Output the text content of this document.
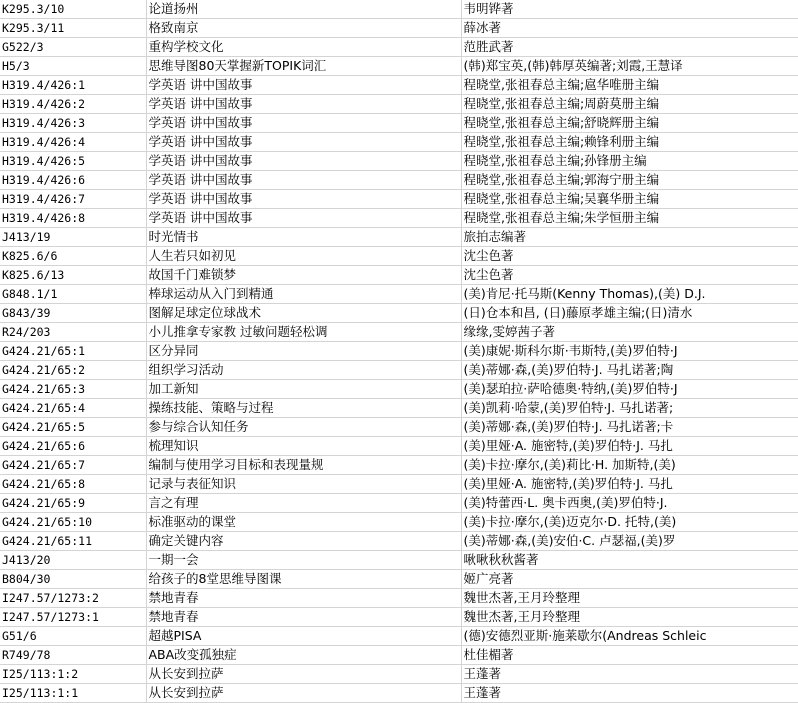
K295.3/10	论道扬州	韦明铧著
K295.3/11	格致南京	薛冰著
G522/3	重构学校文化	范胜武著
H5/3	思维导图80天掌握新TOPIK词汇	(韩)郑宝英,(韩)韩厚英编著;刘霞,王慧译
H319.4/426:1	学英语 讲中国故事	程晓堂,张祖春总主编;扈华唯册主编
H319.4/426:2	学英语 讲中国故事	程晓堂,张祖春总主编;周蔚莫册主编
H319.4/426:3	学英语 讲中国故事	程晓堂,张祖春总主编;舒晓辉册主编
H319.4/426:4	学英语 讲中国故事	程晓堂,张祖春总主编;赖锋利册主编
H319.4/426:5	学英语 讲中国故事	程晓堂,张祖春总主编;孙锋册主编
H319.4/426:6	学英语 讲中国故事	程晓堂,张祖春总主编;郭海宁册主编
H319.4/426:7	学英语 讲中国故事	程晓堂,张祖春总主编;吴襄华册主编
H319.4/426:8	学英语 讲中国故事	程晓堂,张祖春总主编;朱学恒册主编
J413/19	时光情书	旅拍志编著
K825.6/6	人生若只如初见	沈尘色著
K825.6/13	故国千门难锁梦	沈尘色著
G848.1/1	棒球运动从入门到精通	(美)肯尼·托马斯(Kenny Thomas),(美) D.J.
G843/39	图解足球定位球战术	(日)仓本和昌, (日)藤原孝雄主编;(日)清水
R24/203	小儿推拿专家教 过敏问题轻松调	缘缘,雯婷茜子著
G424.21/65:1	区分异同	(美)康妮·斯科尔斯·韦斯特,(美)罗伯特·J
G424.21/65:2	组织学习活动	(美)蒂娜·森,(美)罗伯特·J. 马扎诺著;陶
G424.21/65:3	加工新知	(美)瑟珀拉·萨哈德奥·特纳,(美)罗伯特·J
G424.21/65:4	操练技能、策略与过程	(美)凯莉·哈蒙,(美)罗伯特·J. 马扎诺著;
G424.21/65:5	参与综合认知任务	(美)蒂娜·森,(美)罗伯特·J. 马扎诺著;卡
G424.21/65:6	梳理知识	(美)里娅·A. 施密特,(美)罗伯特·J. 马扎
G424.21/65:7	编制与使用学习目标和表现量规	(美)卡拉·摩尔,(美)莉比·H. 加斯特,(美)
G424.21/65:8	记录与表征知识	(美)里娅·A. 施密特,(美)罗伯特·J. 马扎
G424.21/65:9	言之有理	(美)特蕾西·L. 奥卡西奥,(美)罗伯特·J.
G424.21/65:10	标准驱动的课堂	(美)卡拉·摩尔,(美)迈克尔·D. 托特,(美)
G424.21/65:11	确定关键内容	(美)蒂娜·森,(美)安伯·C. 卢瑟福,(美)罗
J413/20	一期一会	啾啾秋秋酱著
B804/30	给孩子的8堂思维导图课	姬广亮著
I247.57/1273:2	禁地青春	魏世杰著,王月玲整理
I247.57/1273:1	禁地青春	魏世杰著,王月玲整理
G51/6	超越PISA	(德)安德烈亚斯·施莱歇尔(Andreas Schleic
R749/78	ABA改变孤独症	杜佳楣著
I25/113:1:2	从长安到拉萨	王蓬著
I25/113:1:1	从长安到拉萨	王蓬著
